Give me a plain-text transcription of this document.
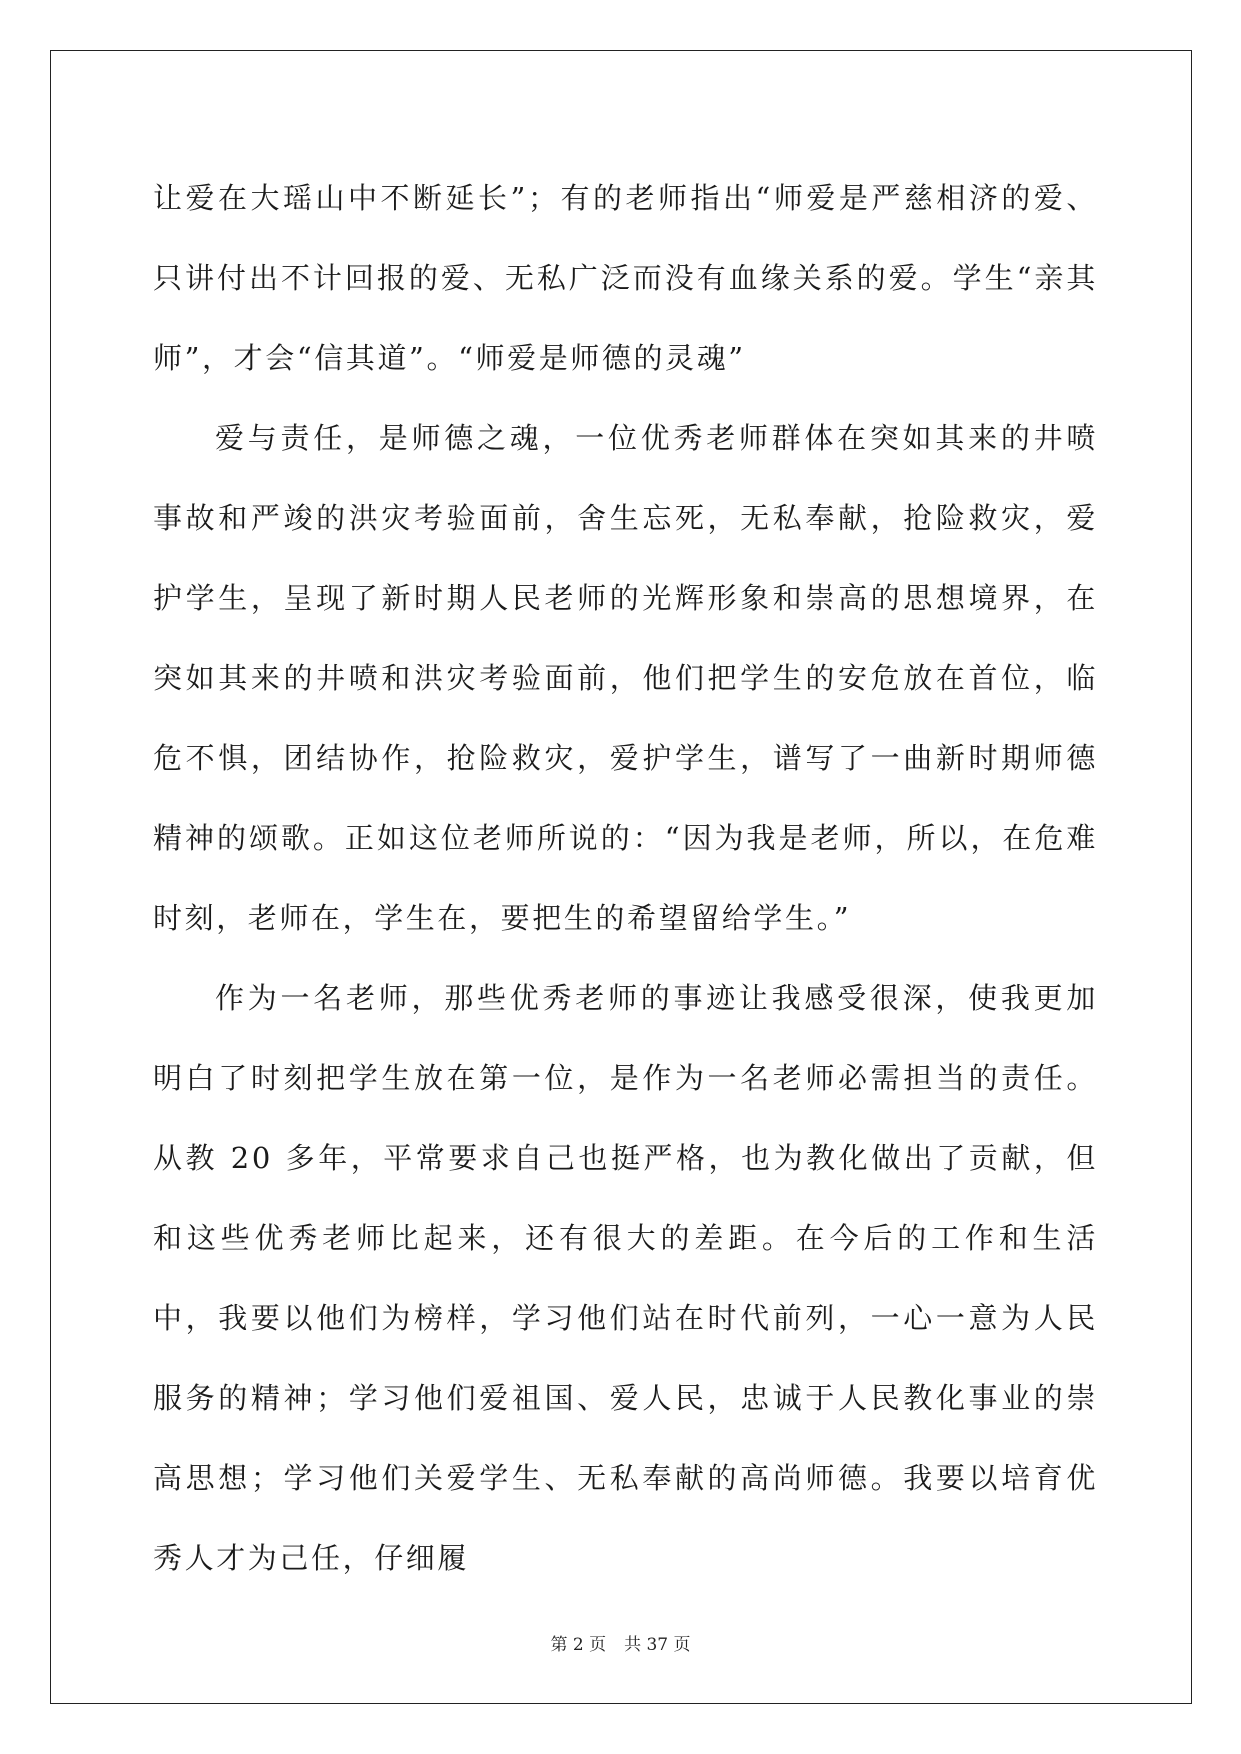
让爱在大瑶山中不断延长”；有的老师指出“师爱是严慈相济的爱、只讲付出不计回报的爱、无私广泛而没有血缘关系的爱。学生“亲其师”，才会“信其道”。“师爱是师德的灵魂”

爱与责任，是师德之魂，一位优秀老师群体在突如其来的井喷事故和严竣的洪灾考验面前，舍生忘死，无私奉献，抢险救灾，爱护学生，呈现了新时期人民老师的光辉形象和崇高的思想境界，在突如其来的井喷和洪灾考验面前，他们把学生的安危放在首位，临危不惧，团结协作，抢险救灾，爱护学生，谱写了一曲新时期师德精神的颂歌。正如这位老师所说的：“因为我是老师，所以，在危难时刻，老师在，学生在，要把生的希望留给学生。”

作为一名老师，那些优秀老师的事迹让我感受很深，使我更加明白了时刻把学生放在第一位，是作为一名老师必需担当的责任。从教 20 多年，平常要求自己也挺严格，也为教化做出了贡献，但和这些优秀老师比起来，还有很大的差距。在今后的工作和生活中，我要以他们为榜样，学习他们站在时代前列，一心一意为人民服务的精神；学习他们爱祖国、爱人民，忠诚于人民教化事业的崇高思想；学习他们关爱学生、无私奉献的高尚师德。我要以培育优秀人才为己任，仔细履

第 2 页 共 37 页
